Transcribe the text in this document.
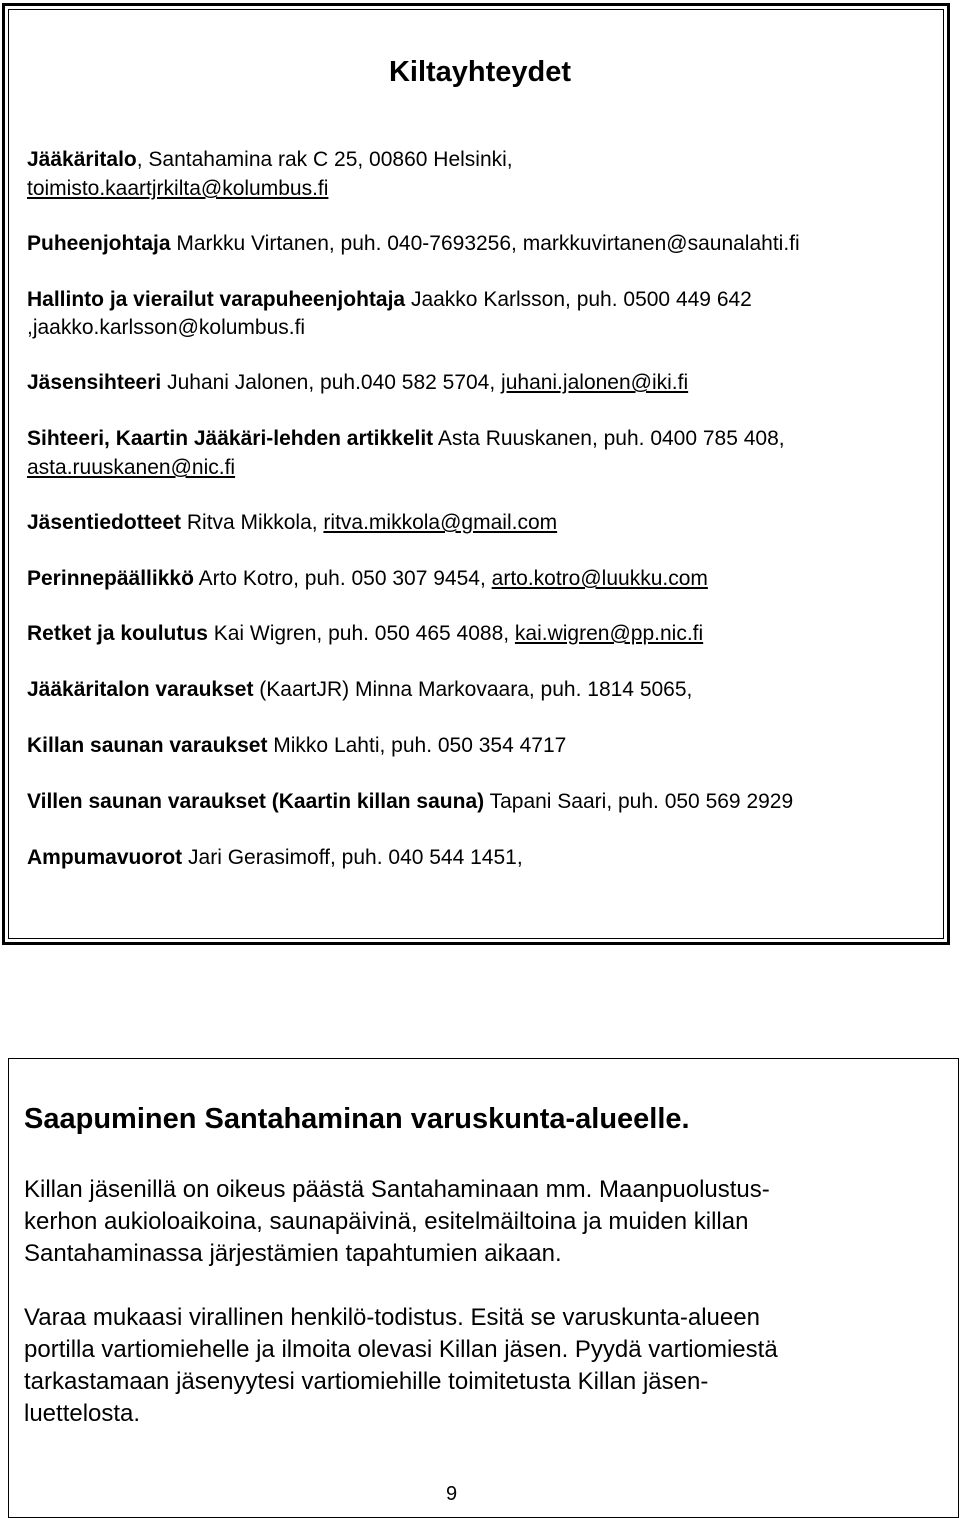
Kiltayhteydet
Jääkäritalo, Santahamina rak C 25, 00860 Helsinki,
toimisto.kaartjrkilta@kolumbus.fi
Puheenjohtaja Markku Virtanen, puh. 040-7693256, markkuvirtanen@saunalahti.fi
Hallinto ja vierailut varapuheenjohtaja Jaakko Karlsson, puh. 0500 449 642
,jaakko.karlsson@kolumbus.fi
Jäsensihteeri Juhani Jalonen, puh.040 582 5704, juhani.jalonen@iki.fi
Sihteeri, Kaartin Jääkäri-lehden artikkelit Asta Ruuskanen, puh. 0400 785 408,
asta.ruuskanen@nic.fi
Jäsentiedotteet Ritva Mikkola, ritva.mikkola@gmail.com
Perinnepäällikkö Arto Kotro, puh. 050 307 9454, arto.kotro@luukku.com
Retket ja koulutus Kai Wigren, puh. 050 465 4088, kai.wigren@pp.nic.fi
Jääkäritalon varaukset (KaartJR) Minna Markovaara, puh. 1814 5065,
Killan saunan varaukset Mikko Lahti, puh. 050 354 4717
Villen saunan varaukset (Kaartin killan sauna) Tapani Saari, puh. 050 569 2929
Ampumavuorot Jari Gerasimoff, puh. 040 544 1451,
Saapuminen Santahaminan varuskunta-alueelle.
Killan jäsenillä on oikeus päästä Santahaminaan mm. Maanpuolustus-
kerhon aukioloaikoina, saunapäivinä, esitelmäiltoina ja muiden killan
Santahaminassa järjestämien tapahtumien aikaan.
Varaa mukaasi virallinen henkilö-todistus. Esitä se varuskunta-alueen
portilla vartiomiehelle ja ilmoita olevasi Killan jäsen. Pyydä vartiomiestä
tarkastamaan jäsenyytesi vartiomiehille toimitetusta Killan jäsen-
luettelosta.
9
